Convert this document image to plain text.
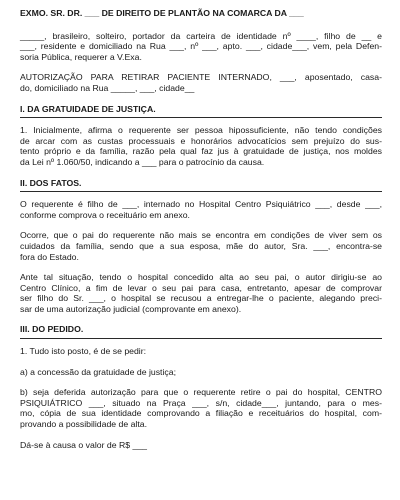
EXMO. SR. DR. ___ DE DIREITO DE PLANTÃO NA COMARCA DA ___

_____, brasileiro, solteiro, portador da carteira de identidade nº ____, filho de __ e

___, residente e domiciliado na Rua ___, nº ___, apto. ___, cidade___, vem, pela Defen-

soria Pública, requerer a V.Exa.

AUTORIZAÇÃO PARA RETIRAR PACIENTE INTERNADO, ___, aposentado, casa-

do, domiciliado na Rua _____, ___, cidade__

I. DA GRATUIDADE DE JUSTIÇA.

1. Inicialmente, afirma o requerente ser pessoa hipossuficiente, não tendo condições

de arcar com as custas processuais e honorários advocatícios sem prejuízo do sus-

tento próprio e da família, razão pela qual faz jus à gratuidade de justiça, nos moldes

da Lei nº 1.060/50, indicando a ___ para o patrocínio da causa.

II. DOS FATOS.

O requerente é filho de ___, internado no Hospital Centro Psiquiátrico ___, desde ___,

conforme comprova o receituário em anexo.

Ocorre, que o pai do requerente não mais se encontra em condições de viver sem os

cuidados da família, sendo que a sua esposa, mãe do autor, Sra. ___, encontra-se

fora do Estado.

Ante tal situação, tendo o hospital concedido alta ao seu pai, o autor dirigiu-se ao

Centro Clínico, a fim de levar o seu pai para casa, entretanto, apesar de comprovar

ser filho do Sr. ___, o hospital se recusou a entregar-lhe o paciente, alegando preci-

sar de uma autorização judicial (comprovante em anexo).

III. DO PEDIDO.

1. Tudo isto posto, é de se pedir:

a) a concessão da gratuidade de justiça;

b) seja deferida autorização para que o requerente retire o pai do hospital, CENTRO

PSIQUIÁTRICO ___, situado na Praça ___, s/n, cidade___, juntando, para o mes-

mo, cópia de sua identidade comprovando a filiação e receituários do hospital, com-

provando a possibilidade de alta.

Dá-se à causa o valor de R$ ___
